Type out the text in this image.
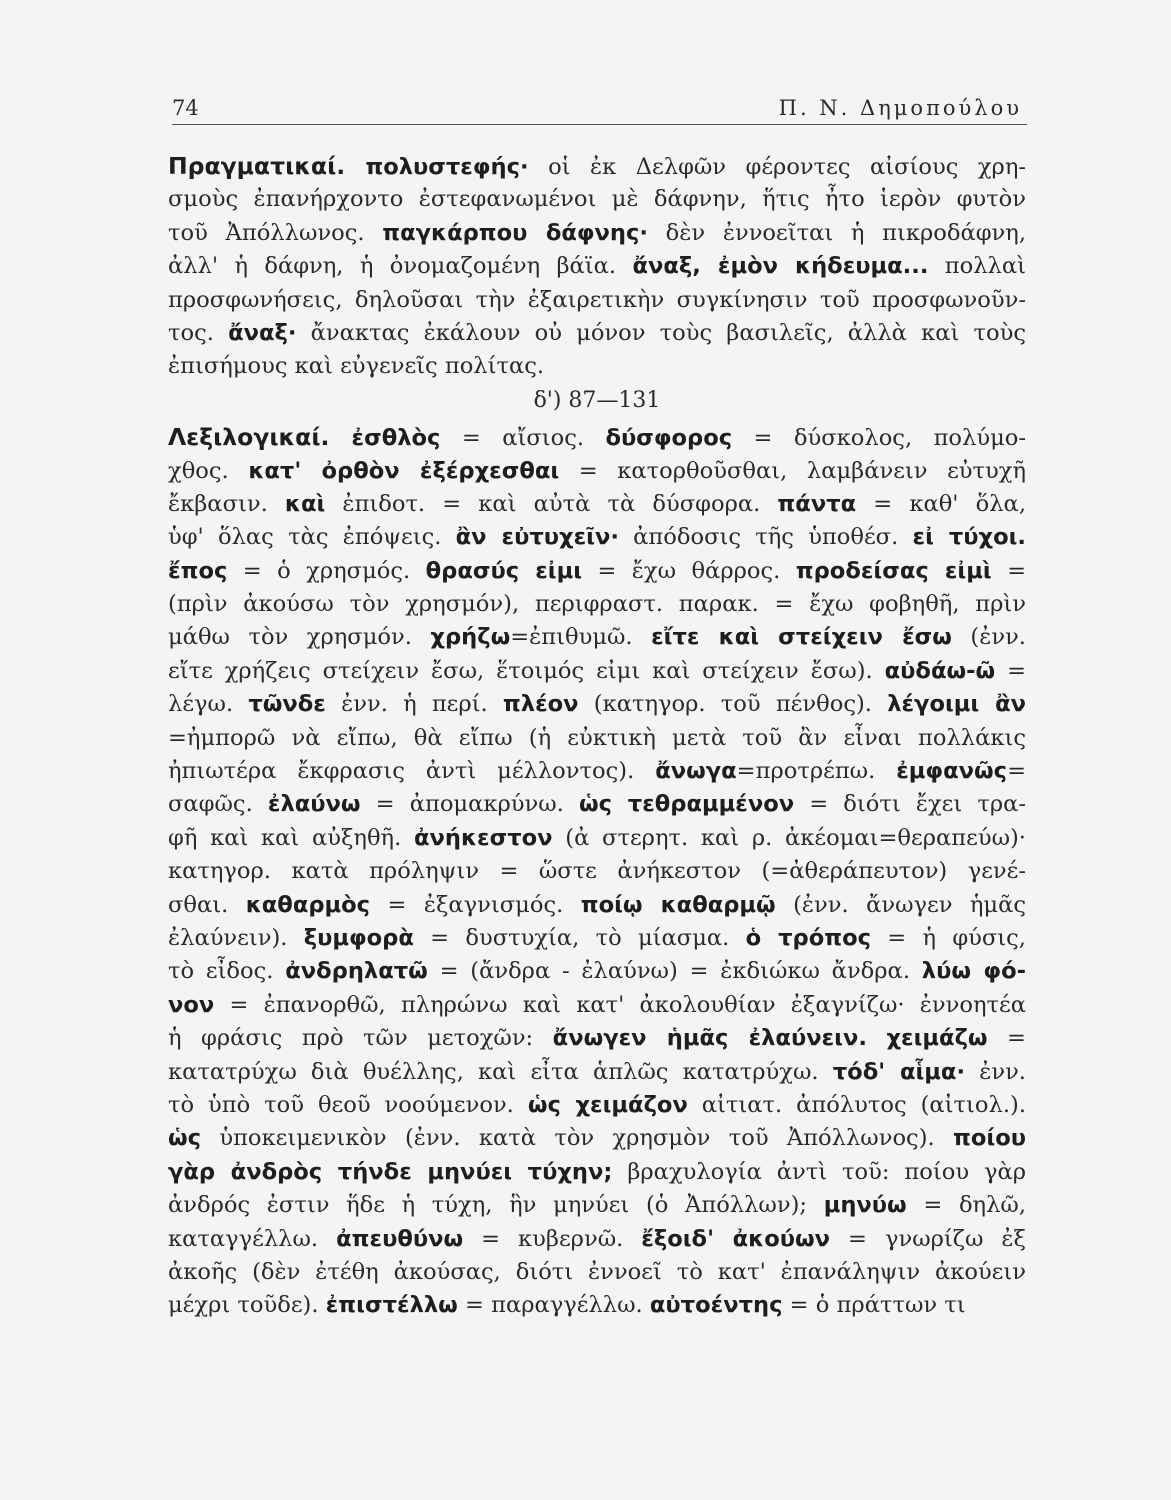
74	Π. Ν. Δημοπούλου
Πραγματικαί. πολυστεφής· οἱ ἐκ Δελφῶν φέροντες αἰσίους χρη-
σμοὺς ἐπανήρχοντο ἐστεφανωμένοι μὲ δάφνην, ἥτις ἦτο ἱερὸν φυτὸν
τοῦ Ἀπόλλωνος. παγκάρπου δάφνης· δὲν ἐννοεῖται ἡ πικροδάφνη,
ἀλλ' ἡ δάφνη, ἡ ὀνομαζομένη βάϊα. ἄναξ, ἐμὸν κήδευμα... πολλαὶ
προσφωνήσεις, δηλοῦσαι τὴν ἐξαιρετικὴν συγκίνησιν τοῦ προσφωνοῦν-
τος. ἄναξ· ἄνακτας ἐκάλουν οὐ μόνον τοὺς βασιλεῖς, ἀλλὰ καὶ τοὺς
ἐπισήμους καὶ εὐγενεῖς πολίτας.
δ') 87—131
Λεξιλογικαί. ἐσθλὸς = αἴσιος. δύσφορος = δύσκολος, πολύμο-
χθος. κατ' ὀρθὸν ἐξέρχεσθαι = κατορθοῦσθαι, λαμβάνειν εὐτυχῆ
ἔκβασιν. καὶ ἐπιδοτ. = καὶ αὐτὰ τὰ δύσφορα. πάντα = καθ' ὅλα,
ὑφ' ὅλας τὰς ἐπόψεις. ἂν εὐτυχεῖν· ἀπόδοσις τῆς ὑποθέσ. εἰ τύχοι.
ἔπος = ὁ χρησμός. θρασύς εἰμι = ἔχω θάρρος. προδείσας εἰμὶ =
(πρὶν ἀκούσω τὸν χρησμόν), περιφραστ. παρακ. = ἔχω φοβηθῆ, πρὶν
μάθω τὸν χρησμόν. χρήζω=ἐπιθυμῶ. εἴτε καὶ στείχειν ἔσω (ἐνν.
εἴτε χρήζεις στείχειν ἔσω, ἕτοιμός εἰμι καὶ στείχειν ἔσω). αὐδάω-ῶ =
λέγω. τῶνδε ἐνν. ἡ περί. πλέον (κατηγορ. τοῦ πένθος). λέγοιμι ἂν
=ἠμπορῶ νὰ εἴπω, θὰ εἴπω (ἡ εὐκτικὴ μετὰ τοῦ ἂν εἶναι πολλάκις
ἠπιωτέρα ἔκφρασις ἀντὶ μέλλοντος). ἄνωγα=προτρέπω. ἐμφανῶς=
σαφῶς. ἐλαύνω = ἀπομακρύνω. ὡς τεθραμμένον = διότι ἔχει τρα-
φῆ καὶ καὶ αὐξηθῆ. ἀνήκεστον (ἀ στερητ. καὶ ρ. ἀκέομαι=θεραπεύω)·
κατηγορ. κατὰ πρόληψιν = ὥστε ἀνήκεστον (=ἀθεράπευτον) γενέ-
σθαι. καθαρμὸς = ἐξαγνισμός. ποίῳ καθαρμῷ (ἐνν. ἄνωγεν ἡμᾶς
ἐλαύνειν). ξυμφορὰ = δυστυχία, τὸ μίασμα. ὁ τρόπος = ἡ φύσις,
τὸ εἶδος. ἀνδρηλατῶ = (ἄνδρα - ἐλαύνω) = ἐκδιώκω ἄνδρα. λύω φό-
νον = ἐπανορθῶ, πληρώνω καὶ κατ' ἀκολουθίαν ἐξαγνίζω· ἐννοητέα
ἡ φράσις πρὸ τῶν μετοχῶν: ἄνωγεν ἡμᾶς ἐλαύνειν. χειμάζω =
κατατρύχω διὰ θυέλλης, καὶ εἶτα ἁπλῶς κατατρύχω. τόδ' αἷμα· ἐνν.
τὸ ὑπὸ τοῦ θεοῦ νοούμενον. ὡς χειμάζον αἰτιατ. ἀπόλυτος (αἰτιολ.).
ὡς ὑποκειμενικὸν (ἐνν. κατὰ τὸν χρησμὸν τοῦ Ἀπόλλωνος). ποίου
γὰρ ἀνδρὸς τήνδε μηνύει τύχην; βραχυλογία ἀντὶ τοῦ: ποίου γὰρ
ἀνδρός ἐστιν ἥδε ἡ τύχη, ἣν μηνύει (ὁ Ἀπόλλων); μηνύω = δηλῶ,
καταγγέλλω. ἀπευθύνω = κυβερνῶ. ἔξοιδ' ἀκούων = γνωρίζω ἐξ
ἀκοῆς (δὲν ἐτέθη ἀκούσας, διότι ἐννοεῖ τὸ κατ' ἐπανάληψιν ἀκούειν
μέχρι τοῦδε). ἐπιστέλλω = παραγγέλλω. αὐτοέντης = ὁ πράττων τι
